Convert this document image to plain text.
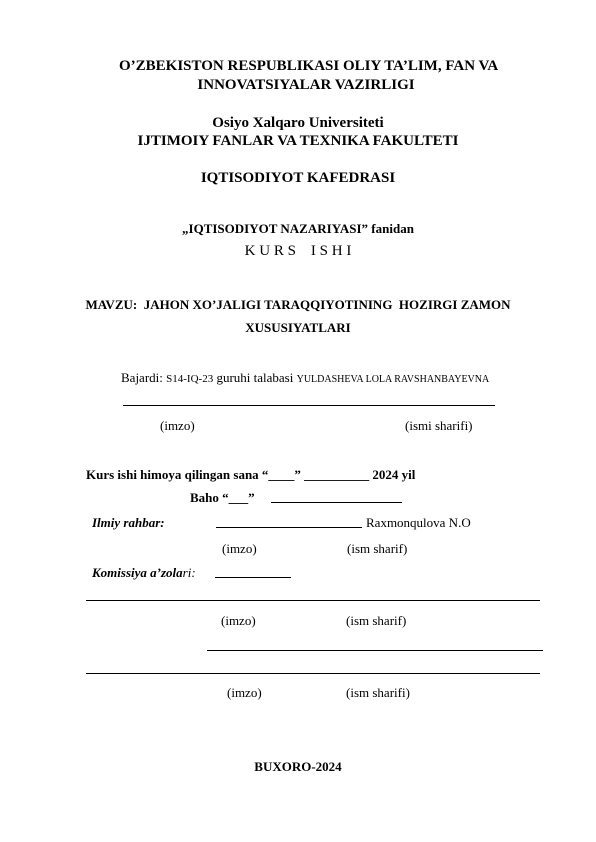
O’ZBEKISTON RESPUBLIKASI OLIY TA’LIM, FAN VA
INNOVATSIYALAR VAZIRLIGI
Osiyo Xalqaro Universiteti
IJTIMOIY FANLAR VA TEXNIKA FAKULTETI
IQTISODIYOT KAFEDRASI
„IQTISODIYOT NAZARIYASI” fanidan
K U R S    I S H I
MAVZU:  JAHON XO’JALIGI TARAQQIYOTINING  HOZIRGI ZAMON
XUSUSIYATLARI
Bajardi: S14-IQ-23 guruhi talabasi YULDASHEVA LOLA RAVSHANBAYEVNA
(imzo)	(ismi sharifi)
Kurs ishi himoya qilingan sana “____” __________ 2024 yil
Baho “___”
Ilmiy rahbar:	Raxmonqulova N.O
(imzo)	(ism sharif)
Komissiya a’zolari:
(imzo)	(ism sharif)
(imzo)	(ism sharifi)
BUXORO-2024
